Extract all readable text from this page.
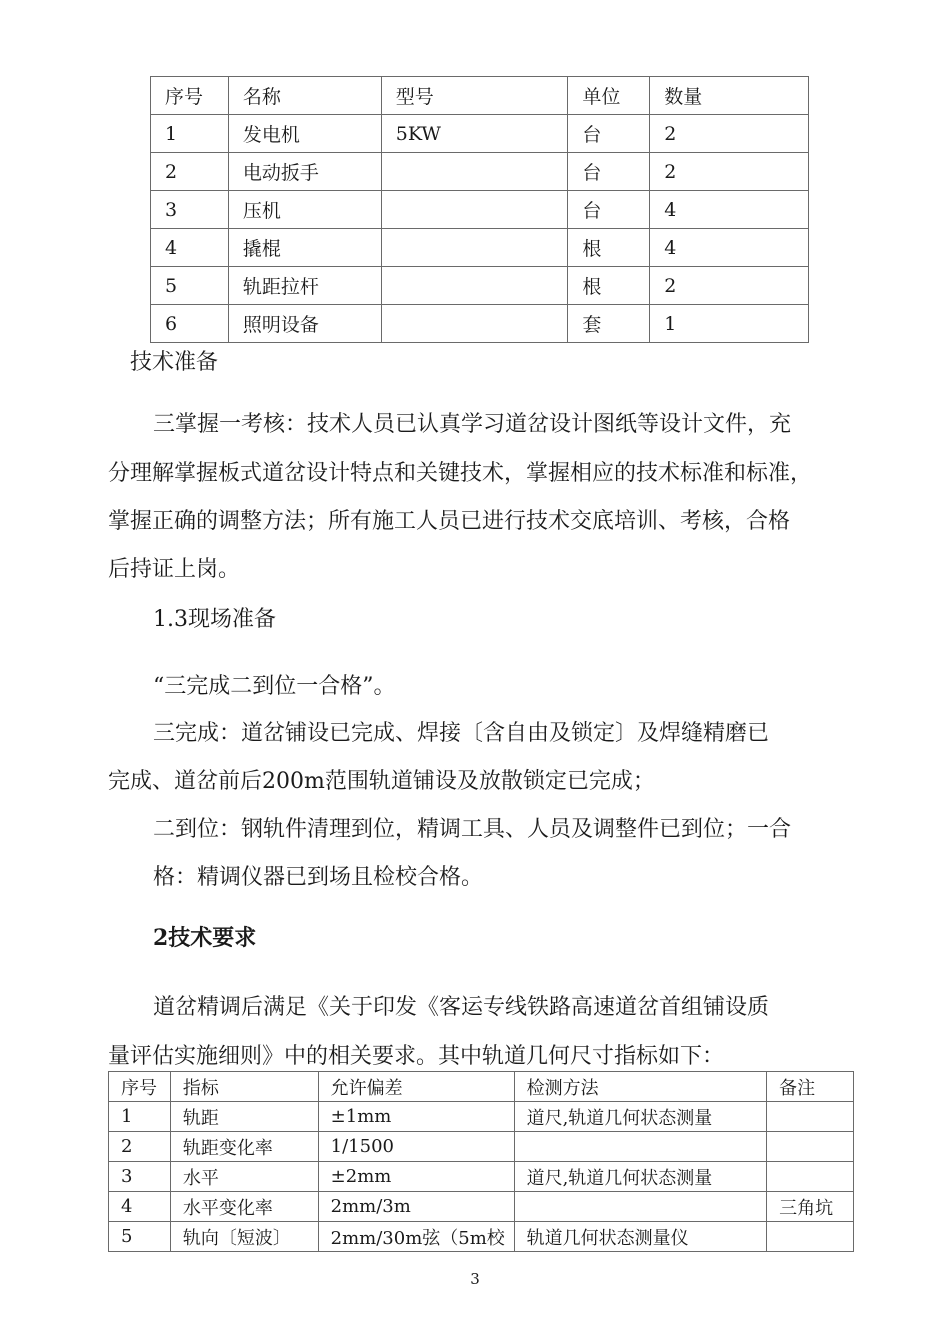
序号	名称	型号	单位	数量
1	发电机	5KW	台	2
2	电动扳手		台	2
3	压机		台	4
4	撬棍		根	4
5	轨距拉杆		根	2
6	照明设备		套	1

技术准备

三掌握一考核：技术人员已认真学习道岔设计图纸等设计文件，充

分理解掌握板式道岔设计特点和关键技术，掌握相应的技术标准和标准，

掌握正确的调整方法；所有施工人员已进行技术交底培训、考核，合格

后持证上岗。

1.3现场准备

“三完成二到位一合格”。

三完成：道岔铺设已完成、焊接〔含自由及锁定〕及焊缝精磨已

完成、道岔前后200m范围轨道铺设及放散锁定已完成；

二到位：钢轨件清理到位，精调工具、人员及调整件已到位；一合

格：精调仪器已到场且检校合格。

2技术要求

道岔精调后满足《关于印发《客运专线铁路高速道岔首组铺设质

量评估实施细则》中的相关要求。其中轨道几何尺寸指标如下：

序号	指标	允许偏差	检测方法	备注
1	轨距	±1mm	道尺,轨道几何状态测量	
2	轨距变化率	1/1500		
3	水平	±2mm	道尺,轨道几何状态测量	
4	水平变化率	2mm/3m		三角坑
5	轨向〔短波〕	2mm/30m弦（5m校	轨道几何状态测量仪	
3
